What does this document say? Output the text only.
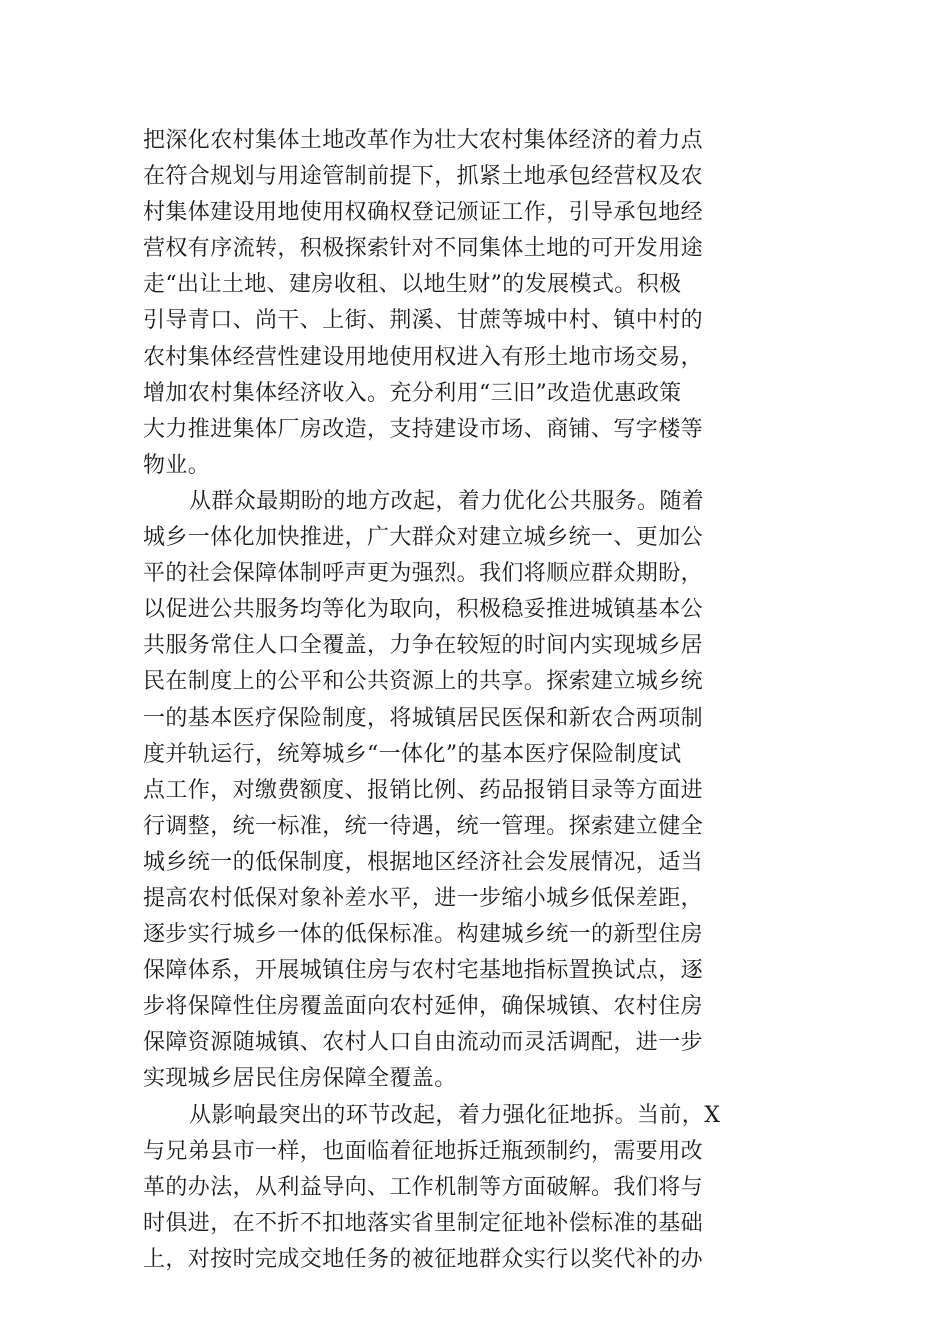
把深化农村集体土地改革作为壮大农村集体经济的着力点
在符合规划与用途管制前提下，抓紧土地承包经营权及农
村集体建设用地使用权确权登记颁证工作，引导承包地经
营权有序流转，积极探索针对不同集体土地的可开发用途
走“出让土地、建房收租、以地生财”的发展模式。积极
引导青口、尚干、上街、荆溪、甘蔗等城中村、镇中村的
农村集体经营性建设用地使用权进入有形土地市场交易，
增加农村集体经济收入。充分利用“三旧”改造优惠政策
大力推进集体厂房改造，支持建设市场、商铺、写字楼等
物业。
从群众最期盼的地方改起，着力优化公共服务。随着
城乡一体化加快推进，广大群众对建立城乡统一、更加公
平的社会保障体制呼声更为强烈。我们将顺应群众期盼，
以促进公共服务均等化为取向，积极稳妥推进城镇基本公
共服务常住人口全覆盖，力争在较短的时间内实现城乡居
民在制度上的公平和公共资源上的共享。探索建立城乡统
一的基本医疗保险制度，将城镇居民医保和新农合两项制
度并轨运行，统筹城乡“一体化”的基本医疗保险制度试
点工作，对缴费额度、报销比例、药品报销目录等方面进
行调整，统一标准，统一待遇，统一管理。探索建立健全
城乡统一的低保制度，根据地区经济社会发展情况，适当
提高农村低保对象补差水平，进一步缩小城乡低保差距，
逐步实行城乡一体的低保标准。构建城乡统一的新型住房
保障体系，开展城镇住房与农村宅基地指标置换试点，逐
步将保障性住房覆盖面向农村延伸，确保城镇、农村住房
保障资源随城镇、农村人口自由流动而灵活调配，进一步
实现城乡居民住房保障全覆盖。
从影响最突出的环节改起，着力强化征地拆。当前，X
与兄弟县市一样，也面临着征地拆迁瓶颈制约，需要用改
革的办法，从利益导向、工作机制等方面破解。我们将与
时俱进，在不折不扣地落实省里制定征地补偿标准的基础
上，对按时完成交地任务的被征地群众实行以奖代补的办
